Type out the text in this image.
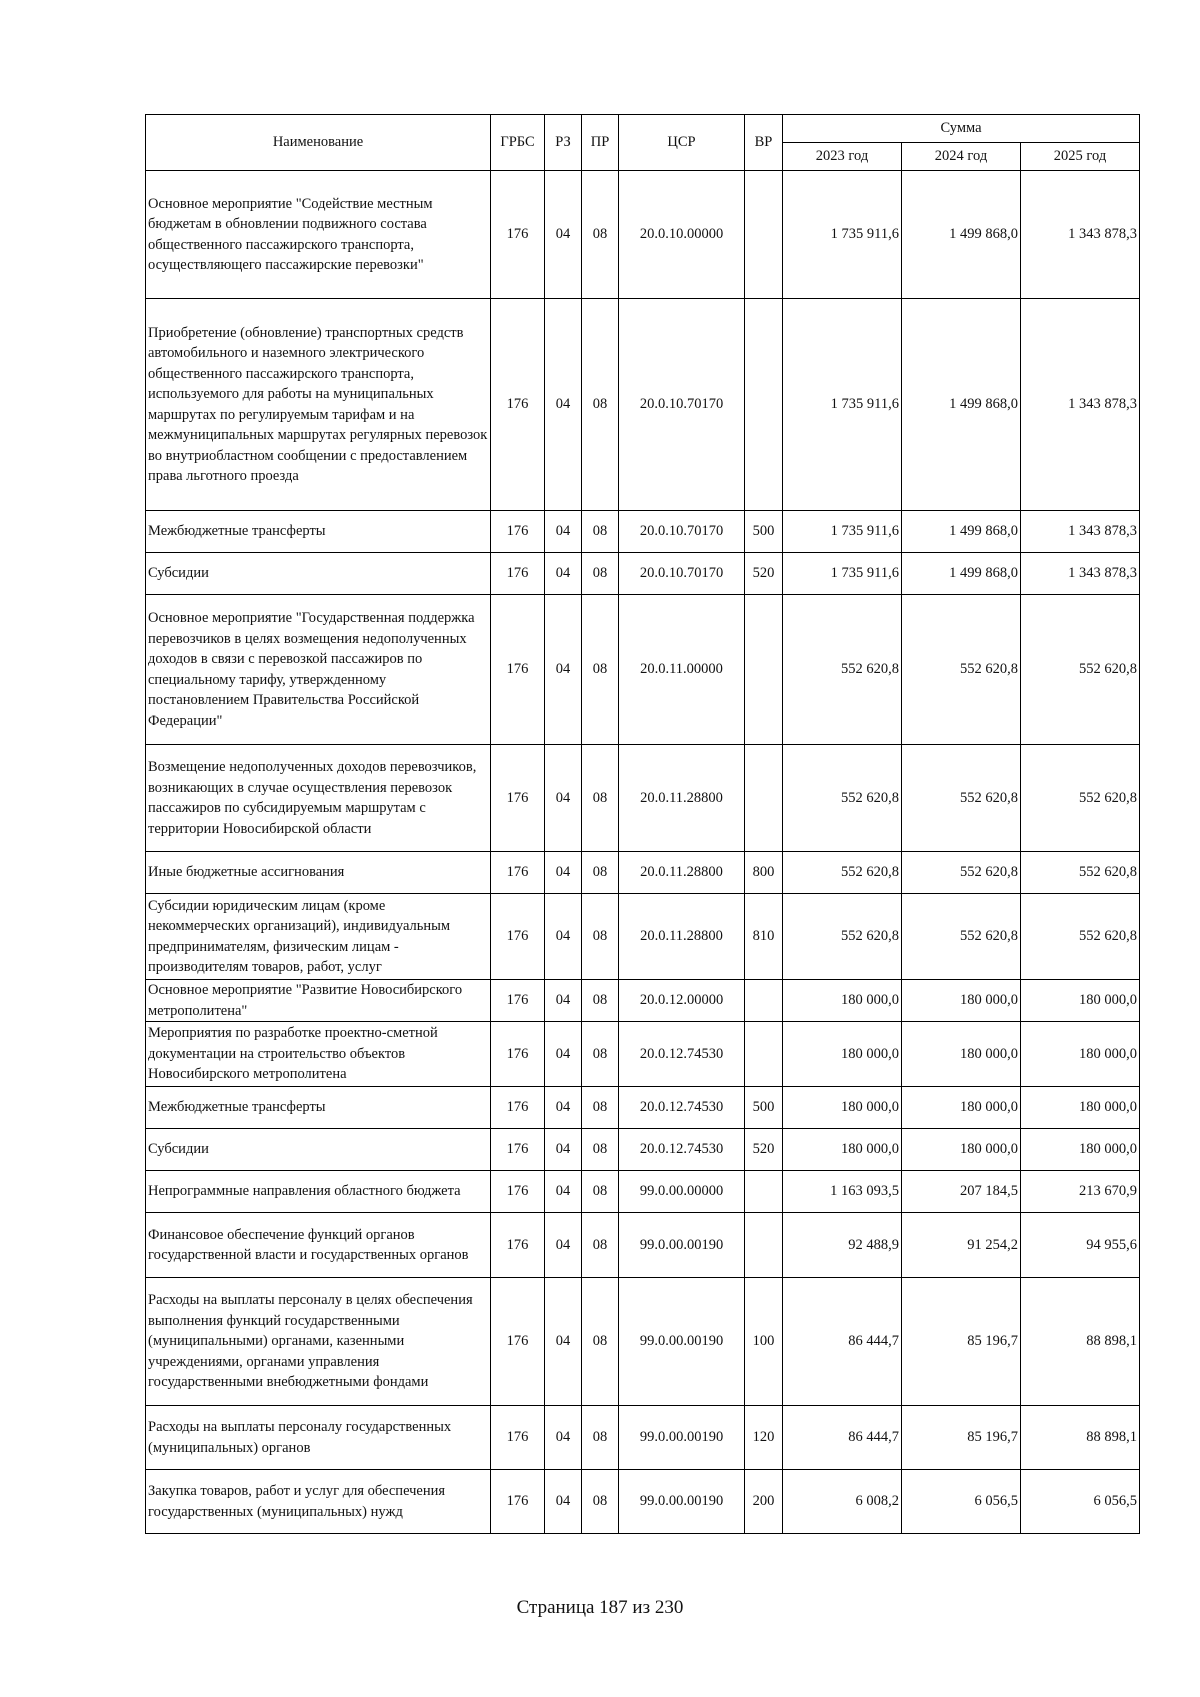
Наименование	ГРБС	РЗ	ПР	ЦСР	ВР	Сумма		
						2023 год	2024 год	2025 год
Основное мероприятие "Содействие местным бюджетам в обновлении подвижного состава общественного пассажирского транспорта, осуществляющего пассажирские перевозки"	176	04	08	20.0.10.00000		1 735 911,6	1 499 868,0	1 343 878,3
Приобретение (обновление) транспортных средств автомобильного и наземного электрического общественного пассажирского транспорта, используемого для работы на муниципальных маршрутах по регулируемым тарифам и на межмуниципальных маршрутах регулярных перевозок во внутриобластном сообщении с предоставлением права льготного проезда	176	04	08	20.0.10.70170		1 735 911,6	1 499 868,0	1 343 878,3
Межбюджетные трансферты	176	04	08	20.0.10.70170	500	1 735 911,6	1 499 868,0	1 343 878,3
Субсидии	176	04	08	20.0.10.70170	520	1 735 911,6	1 499 868,0	1 343 878,3
Основное мероприятие "Государственная поддержка перевозчиков в целях возмещения недополученных доходов в связи с перевозкой пассажиров по специальному тарифу, утвержденному постановлением Правительства Российской Федерации"	176	04	08	20.0.11.00000		552 620,8	552 620,8	552 620,8
Возмещение недополученных доходов перевозчиков, возникающих в случае осуществления перевозок пассажиров по субсидируемым маршрутам с территории Новосибирской области	176	04	08	20.0.11.28800		552 620,8	552 620,8	552 620,8
Иные бюджетные ассигнования	176	04	08	20.0.11.28800	800	552 620,8	552 620,8	552 620,8
Субсидии юридическим лицам (кроме некоммерческих организаций), индивидуальным предпринимателям, физическим лицам - производителям товаров, работ, услуг	176	04	08	20.0.11.28800	810	552 620,8	552 620,8	552 620,8
Основное мероприятие "Развитие Новосибирского метрополитена"	176	04	08	20.0.12.00000		180 000,0	180 000,0	180 000,0
Мероприятия по разработке проектно-сметной документации на строительство объектов Новосибирского метрополитена	176	04	08	20.0.12.74530		180 000,0	180 000,0	180 000,0
Межбюджетные трансферты	176	04	08	20.0.12.74530	500	180 000,0	180 000,0	180 000,0
Субсидии	176	04	08	20.0.12.74530	520	180 000,0	180 000,0	180 000,0
Непрограммные направления областного бюджета	176	04	08	99.0.00.00000		1 163 093,5	207 184,5	213 670,9
Финансовое обеспечение функций органов государственной власти и государственных органов	176	04	08	99.0.00.00190		92 488,9	91 254,2	94 955,6
Расходы на выплаты персоналу в целях обеспечения выполнения функций государственными (муниципальными) органами, казенными учреждениями, органами управления государственными внебюджетными фондами	176	04	08	99.0.00.00190	100	86 444,7	85 196,7	88 898,1
Расходы на выплаты персоналу государственных (муниципальных) органов	176	04	08	99.0.00.00190	120	86 444,7	85 196,7	88 898,1
Закупка товаров, работ и услуг для обеспечения государственных (муниципальных) нужд	176	04	08	99.0.00.00190	200	6 008,2	6 056,5	6 056,5
Страница 187 из 230
